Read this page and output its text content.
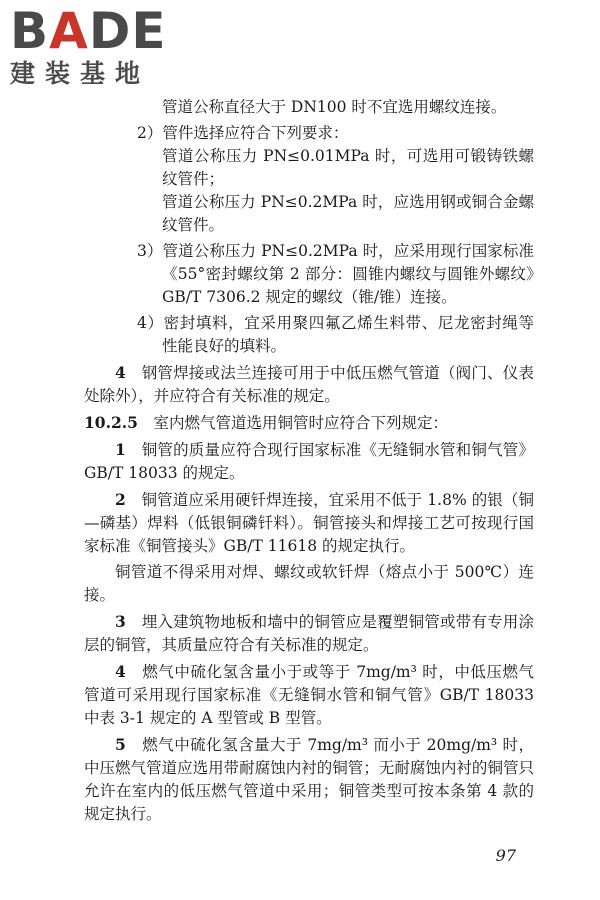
BADE
建装基地

管道公称直径大于 DN100 时不宜选用螺纹连接。

2）管件选择应符合下列要求：

管道公称压力 PN≤0.01MPa 时，可选用可锻铸铁螺纹管件；

管道公称压力 PN≤0.2MPa 时，应选用钢或铜合金螺纹管件。

3）管道公称压力 PN≤0.2MPa 时，应采用现行国家标准《55°密封螺纹第 2 部分：圆锥内螺纹与圆锥外螺纹》GB/T 7306.2 规定的螺纹（锥/锥）连接。

4）密封填料，宜采用聚四氟乙烯生料带、尼龙密封绳等性能良好的填料。

4　 钢管焊接或法兰连接可用于中低压燃气管道（阀门、仪表处除外），并应符合有关标准的规定。

10.2.5　 室内燃气管道选用铜管时应符合下列规定：

1　 铜管的质量应符合现行国家标准《无缝铜水管和铜气管》GB/T 18033 的规定。

2　 铜管道应采用硬钎焊连接，宜采用不低于 1.8% 的银（铜—磷基）焊料（低银铜磷钎料）。铜管接头和焊接工艺可按现行国家标准《铜管接头》GB/T 11618 的规定执行。

铜管道不得采用对焊、螺纹或软钎焊（熔点小于 500℃）连接。

3　 埋入建筑物地板和墙中的铜管应是覆塑铜管或带有专用涂层的铜管，其质量应符合有关标准的规定。

4　 燃气中硫化氢含量小于或等于 7mg/m³ 时，中低压燃气管道可采用现行国家标准《无缝铜水管和铜气管》GB/T 18033 中表 3-1 规定的 A 型管或 B 型管。

5　 燃气中硫化氢含量大于 7mg/m³ 而小于 20mg/m³ 时，中压燃气管道应选用带耐腐蚀内衬的铜管；无耐腐蚀内衬的铜管只允许在室内的低压燃气管道中采用；铜管类型可按本条第 4 款的规定执行。

97
